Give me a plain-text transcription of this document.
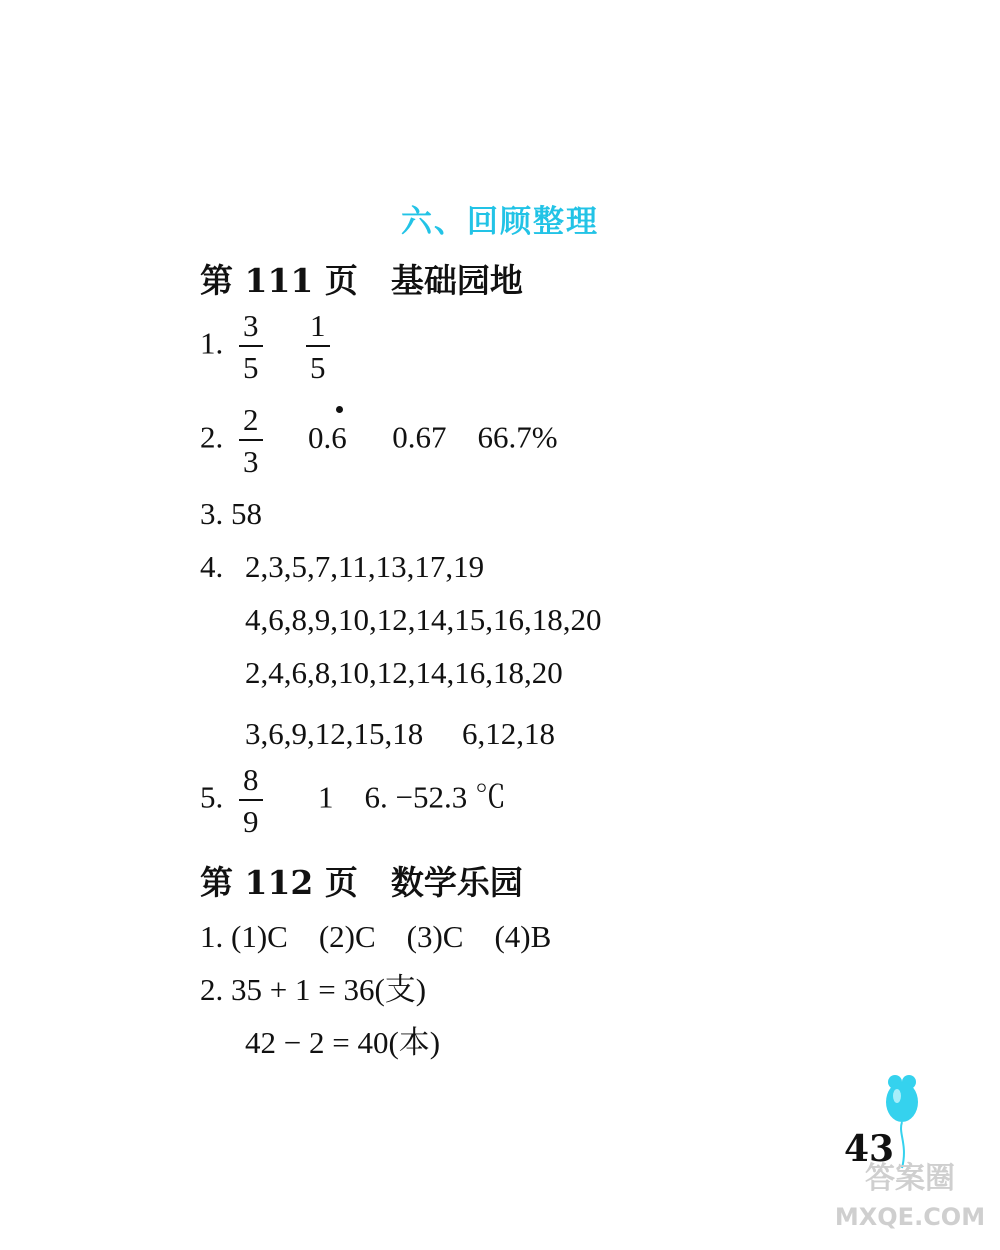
六、回顾整理
第 111 页　基础园地
1. $\frac{3}{5}$
$\frac{1}{5}$
2. $\frac{2}{3} 0$.
6 0.67　66.7%
3. 58
4. 2,3,5,7,11,13,17,19
4,6,8,9,10,12,14,15,16,18,20
2,4,6,8,10,12,14,16,18,20
3,6,9,12,15,18　 6,12,18
5. $\frac{8}{9} 1$　6. −52.3 ℃
第 112 页　数学乐园
1. (1)C　(2)C　(3)C　(4)B
2. 35 + 1 = 36(支)
42 − 2 = 40(本)
43
答案圈
MXQE.COM
